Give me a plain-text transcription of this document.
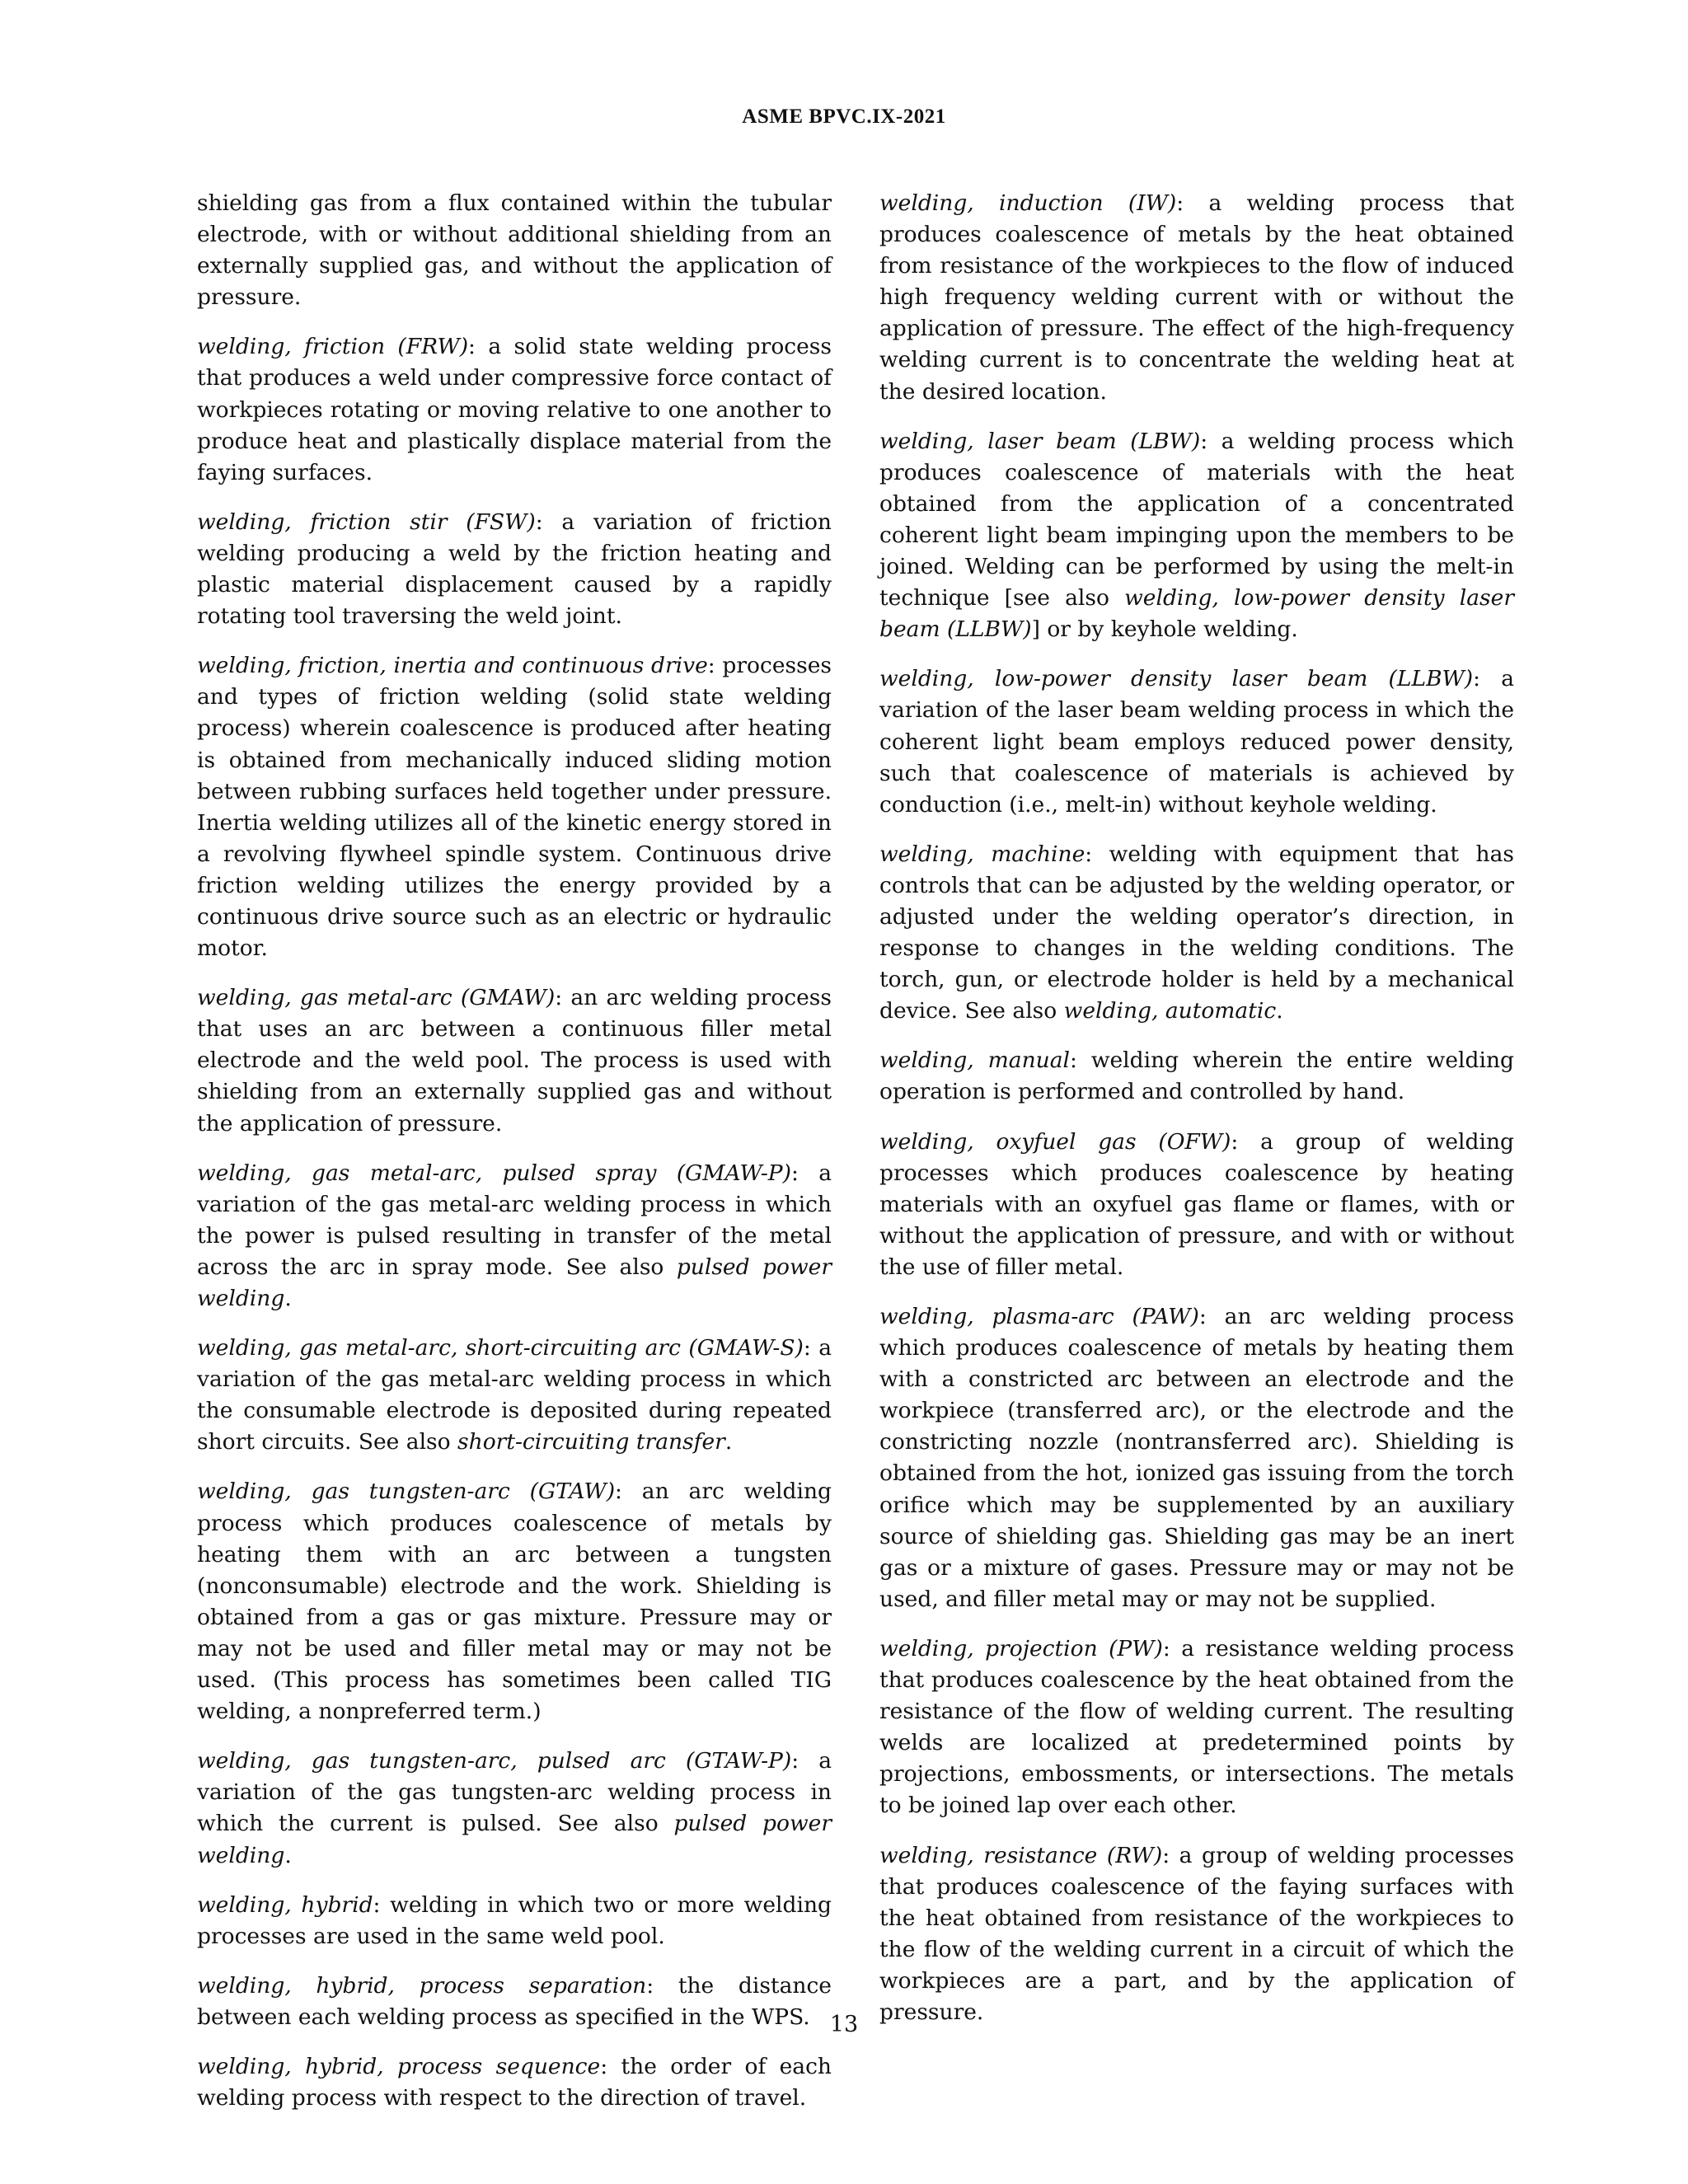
ASME BPVC.IX-2021

shielding gas from a flux contained within the tubular electrode, with or without additional shielding from an externally supplied gas, and without the application of pressure.

welding, friction (FRW): a solid state welding process that produces a weld under compressive force contact of workpieces rotating or moving relative to one another to produce heat and plastically displace material from the faying surfaces.

welding, friction stir (FSW): a variation of friction welding producing a weld by the friction heating and plastic material displacement caused by a rapidly rotating tool traversing the weld joint.

welding, friction, inertia and continuous drive: processes and types of friction welding (solid state welding process) wherein coalescence is produced after heating is obtained from mechanically induced sliding motion between rubbing surfaces held together under pressure. Inertia welding utilizes all of the kinetic energy stored in a revolving flywheel spindle system. Continuous drive friction welding utilizes the energy provided by a continuous drive source such as an electric or hydraulic motor.

welding, gas metal-arc (GMAW): an arc welding process that uses an arc between a continuous filler metal electrode and the weld pool. The process is used with shielding from an externally supplied gas and without the application of pressure.

welding, gas metal-arc, pulsed spray (GMAW-P): a variation of the gas metal-arc welding process in which the power is pulsed resulting in transfer of the metal across the arc in spray mode. See also pulsed power welding.

welding, gas metal-arc, short-circuiting arc (GMAW-S): a variation of the gas metal-arc welding process in which the consumable electrode is deposited during repeated short circuits. See also short-circuiting transfer.

welding, gas tungsten-arc (GTAW): an arc welding process which produces coalescence of metals by heating them with an arc between a tungsten (nonconsumable) electrode and the work. Shielding is obtained from a gas or gas mixture. Pressure may or may not be used and filler metal may or may not be used. (This process has sometimes been called TIG welding, a nonpreferred term.)

welding, gas tungsten-arc, pulsed arc (GTAW-P): a variation of the gas tungsten-arc welding process in which the current is pulsed. See also pulsed power welding.

welding, hybrid: welding in which two or more welding processes are used in the same weld pool.

welding, hybrid, process separation: the distance between each welding process as specified in the WPS.

welding, hybrid, process sequence: the order of each welding process with respect to the direction of travel.

welding, induction (IW): a welding process that produces coalescence of metals by the heat obtained from resistance of the workpieces to the flow of induced high frequency welding current with or without the application of pressure. The effect of the high-frequency welding current is to concentrate the welding heat at the desired location.

welding, laser beam (LBW): a welding process which produces coalescence of materials with the heat obtained from the application of a concentrated coherent light beam impinging upon the members to be joined. Welding can be performed by using the melt-in technique [see also welding, low-power density laser beam (LLBW)] or by keyhole welding.

welding, low-power density laser beam (LLBW): a variation of the laser beam welding process in which the coherent light beam employs reduced power density, such that coalescence of materials is achieved by conduction (i.e., melt-in) without keyhole welding.

welding, machine: welding with equipment that has controls that can be adjusted by the welding operator, or adjusted under the welding operator’s direction, in response to changes in the welding conditions. The torch, gun, or electrode holder is held by a mechanical device. See also welding, automatic.

welding, manual: welding wherein the entire welding operation is performed and controlled by hand.

welding, oxyfuel gas (OFW): a group of welding processes which produces coalescence by heating materials with an oxyfuel gas flame or flames, with or without the application of pressure, and with or without the use of filler metal.

welding, plasma-arc (PAW): an arc welding process which produces coalescence of metals by heating them with a constricted arc between an electrode and the workpiece (transferred arc), or the electrode and the constricting nozzle (nontransferred arc). Shielding is obtained from the hot, ionized gas issuing from the torch orifice which may be supplemented by an auxiliary source of shielding gas. Shielding gas may be an inert gas or a mixture of gases. Pressure may or may not be used, and filler metal may or may not be supplied.

welding, projection (PW): a resistance welding process that produces coalescence by the heat obtained from the resistance of the flow of welding current. The resulting welds are localized at predetermined points by projections, embossments, or intersections. The metals to be joined lap over each other.

welding, resistance (RW): a group of welding processes that produces coalescence of the faying surfaces with the heat obtained from resistance of the workpieces to the flow of the welding current in a circuit of which the workpieces are a part, and by the application of pressure.

13
